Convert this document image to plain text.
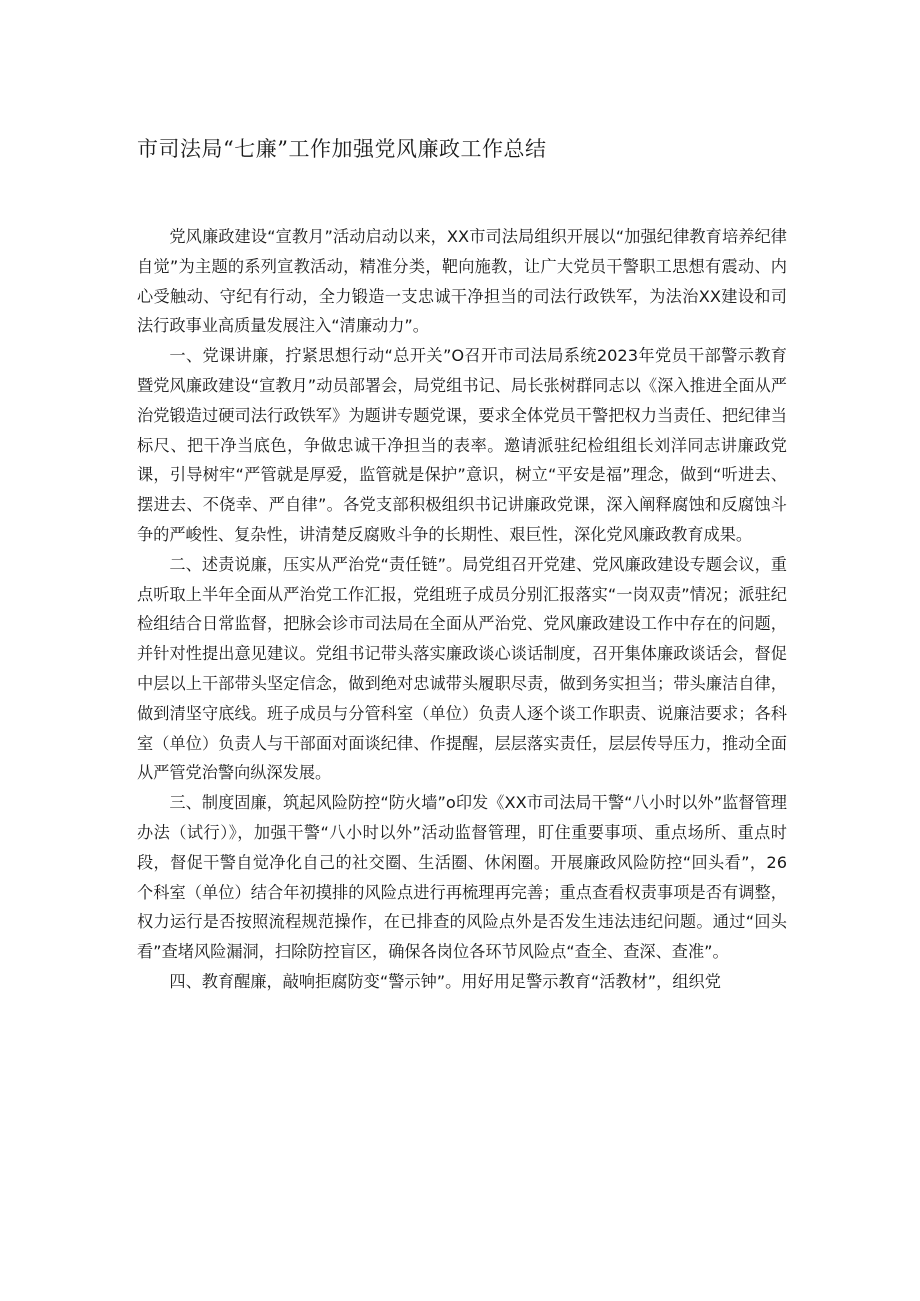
市司法局“七廉”工作加强党风廉政工作总结

党风廉政建设“宣教月”活动启动以来，XX市司法局组织开展以“加强纪律教育培养纪律自觉”为主题的系列宣教活动，精准分类，靶向施教，让广大党员干警职工思想有震动、内心受触动、守纪有行动，全力锻造一支忠诚干净担当的司法行政铁军，为法治XX建设和司法行政事业高质量发展注入“清廉动力”。

一、党课讲廉，拧紧思想行动“总开关”O召开市司法局系统2023年党员干部警示教育暨党风廉政建设“宣教月”动员部署会，局党组书记、局长张树群同志以《深入推进全面从严治党锻造过硬司法行政铁军》为题讲专题党课，要求全体党员干警把权力当责任、把纪律当标尺、把干净当底色，争做忠诚干净担当的表率。邀请派驻纪检组组长刘洋同志讲廉政党课，引导树牢“严管就是厚爱，监管就是保护”意识，树立“平安是福”理念，做到“听进去、摆进去、不侥幸、严自律”。各党支部积极组织书记讲廉政党课，深入阐释腐蚀和反腐蚀斗争的严峻性、复杂性，讲清楚反腐败斗争的长期性、艰巨性，深化党风廉政教育成果。

二、述责说廉，压实从严治党“责任链”。局党组召开党建、党风廉政建设专题会议，重点听取上半年全面从严治党工作汇报，党组班子成员分别汇报落实“一岗双责”情况；派驻纪检组结合日常监督，把脉会诊市司法局在全面从严治党、党风廉政建设工作中存在的问题，并针对性提出意见建议。党组书记带头落实廉政谈心谈话制度，召开集体廉政谈话会，督促中层以上干部带头坚定信念，做到绝对忠诚带头履职尽责，做到务实担当；带头廉洁自律，做到清坚守底线。班子成员与分管科室（单位）负责人逐个谈工作职责、说廉洁要求；各科室（单位）负责人与干部面对面谈纪律、作提醒，层层落实责任，层层传导压力，推动全面从严管党治警向纵深发展。

三、制度固廉，筑起风险防控“防火墙”o印发《XX市司法局干警“八小时以外”监督管理办法（试行）》，加强干警“八小时以外”活动监督管理，盯住重要事项、重点场所、重点时段，督促干警自觉净化自己的社交圈、生活圈、休闲圈。开展廉政风险防控“回头看”，26个科室（单位）结合年初摸排的风险点进行再梳理再完善；重点查看权责事项是否有调整，权力运行是否按照流程规范操作，在已排查的风险点外是否发生违法违纪问题。通过“回头看”查堵风险漏洞，扫除防控盲区，确保各岗位各环节风险点“查全、查深、查准”。

四、教育醒廉，敲响拒腐防变“警示钟”。用好用足警示教育“活教材”，组织党
